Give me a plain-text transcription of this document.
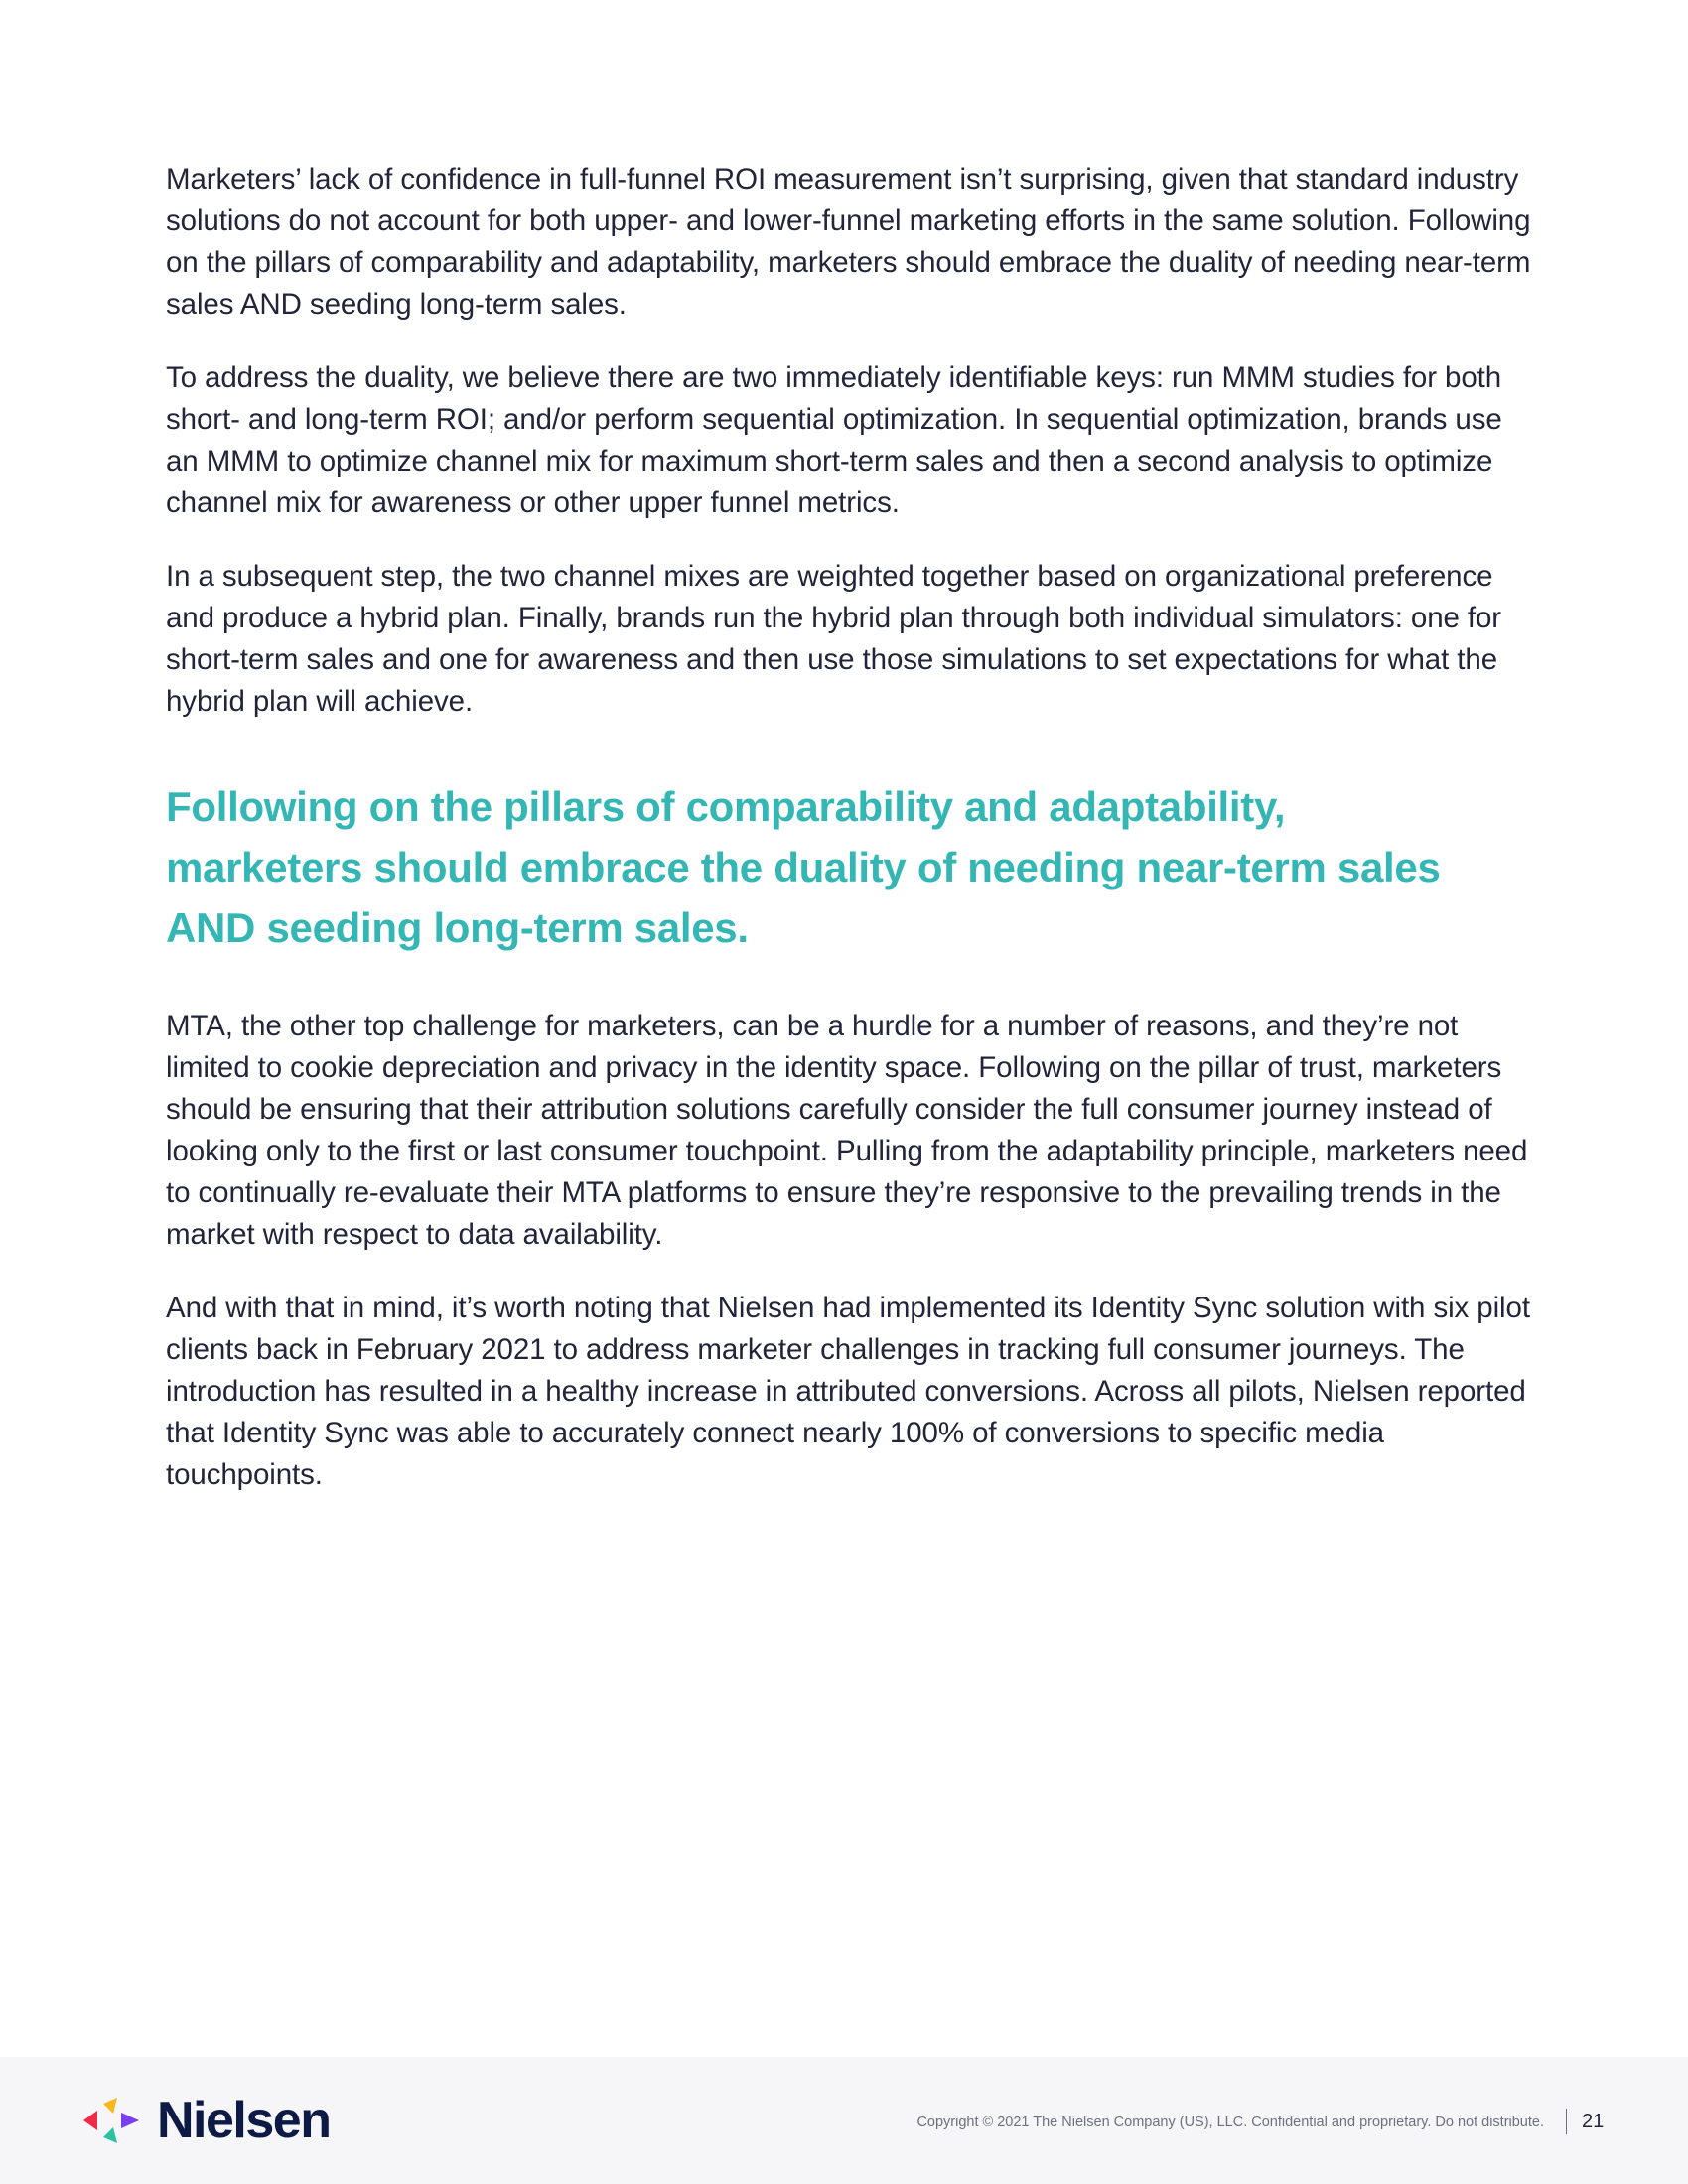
Marketers’ lack of confidence in full-funnel ROI measurement isn’t surprising, given that standard industry solutions do not account for both upper- and lower-funnel marketing efforts in the same solution. Following on the pillars of comparability and adaptability, marketers should embrace the duality of needing near-term sales AND seeding long-term sales.

To address the duality, we believe there are two immediately identifiable keys: run MMM studies for both short- and long-term ROI; and/or perform sequential optimization. In sequential optimization, brands use an MMM to optimize channel mix for maximum short-term sales and then a second analysis to optimize channel mix for awareness or other upper funnel metrics.

In a subsequent step, the two channel mixes are weighted together based on organizational preference and produce a hybrid plan. Finally, brands run the hybrid plan through both individual simulators: one for short-term sales and one for awareness and then use those simulations to set expectations for what the hybrid plan will achieve.

Following on the pillars of comparability and adaptability, marketers should embrace the duality of needing near-term sales AND seeding long-term sales.

MTA, the other top challenge for marketers, can be a hurdle for a number of reasons, and they’re not limited to cookie depreciation and privacy in the identity space. Following on the pillar of trust, marketers should be ensuring that their attribution solutions carefully consider the full consumer journey instead of looking only to the first or last consumer touchpoint. Pulling from the adaptability principle, marketers need to continually re-evaluate their MTA platforms to ensure they’re responsive to the prevailing trends in the market with respect to data availability.

And with that in mind, it’s worth noting that Nielsen had implemented its Identity Sync solution with six pilot clients back in February 2021 to address marketer challenges in tracking full consumer journeys. The introduction has resulted in a healthy increase in attributed conversions. Across all pilots, Nielsen reported that Identity Sync was able to accurately connect nearly 100% of conversions to specific media touchpoints.

Nielsen	Copyright © 2021 The Nielsen Company (US), LLC. Confidential and proprietary. Do not distribute. 21
